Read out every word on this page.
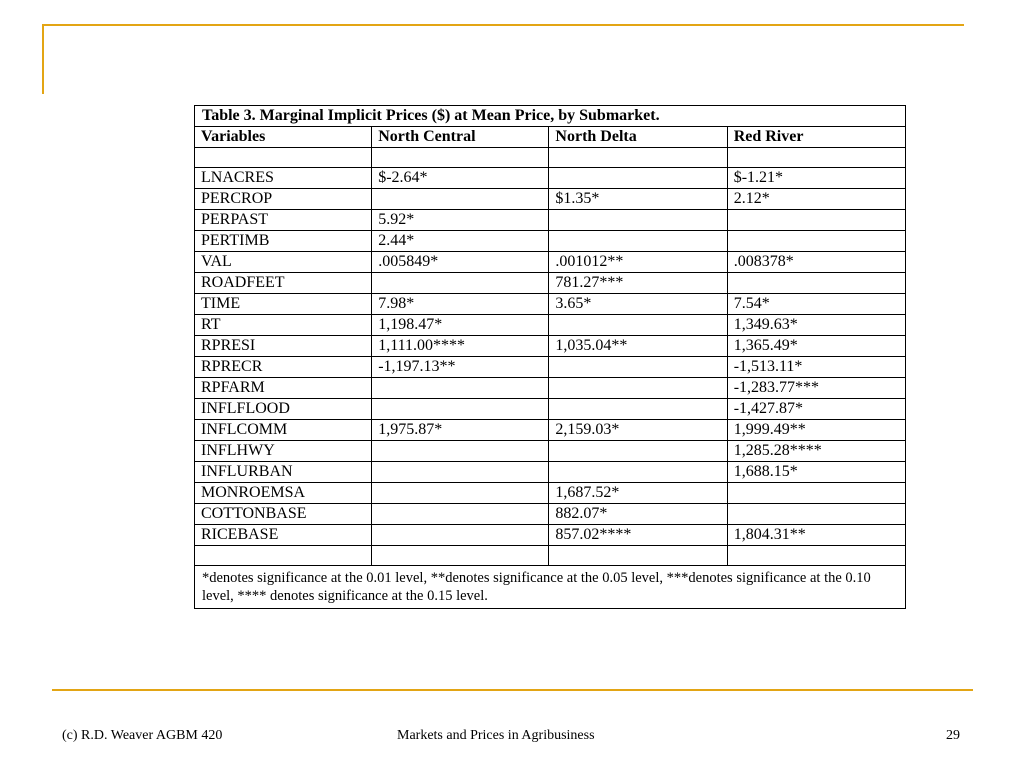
Table 3. Marginal Implicit Prices ($) at Mean Price, by Submarket.			
Variables	North Central	North Delta	Red River

LNACRES	$-2.64*		$-1.21*
PERCROP		$1.35*	2.12*
PERPAST	5.92*		
PERTIMB	2.44*		
VAL	.005849*	.001012**	.008378*
ROADFEET		781.27***	
TIME	7.98*	3.65*	7.54*
RT	1,198.47*		1,349.63*
RPRESI	1,111.00****	1,035.04**	1,365.49*
RPRECR	-1,197.13**		-1,513.11*
RPFARM			-1,283.77***
INFLFLOOD			-1,427.87*
INFLCOMM	1,975.87*	2,159.03*	1,999.49**
INFLHWY			1,285.28****
INFLURBAN			1,688.15*
MONROEMSA		1,687.52*	
COTTONBASE		882.07*	
RICEBASE		857.02****	1,804.31**

*denotes significance at the 0.01 level, **denotes significance at the 0.05 level, ***denotes significance at the 0.10 level, **** denotes significance at the 0.15 level.			
(c) R.D. Weaver AGBM 420	Markets and Prices in Agribusiness	29
